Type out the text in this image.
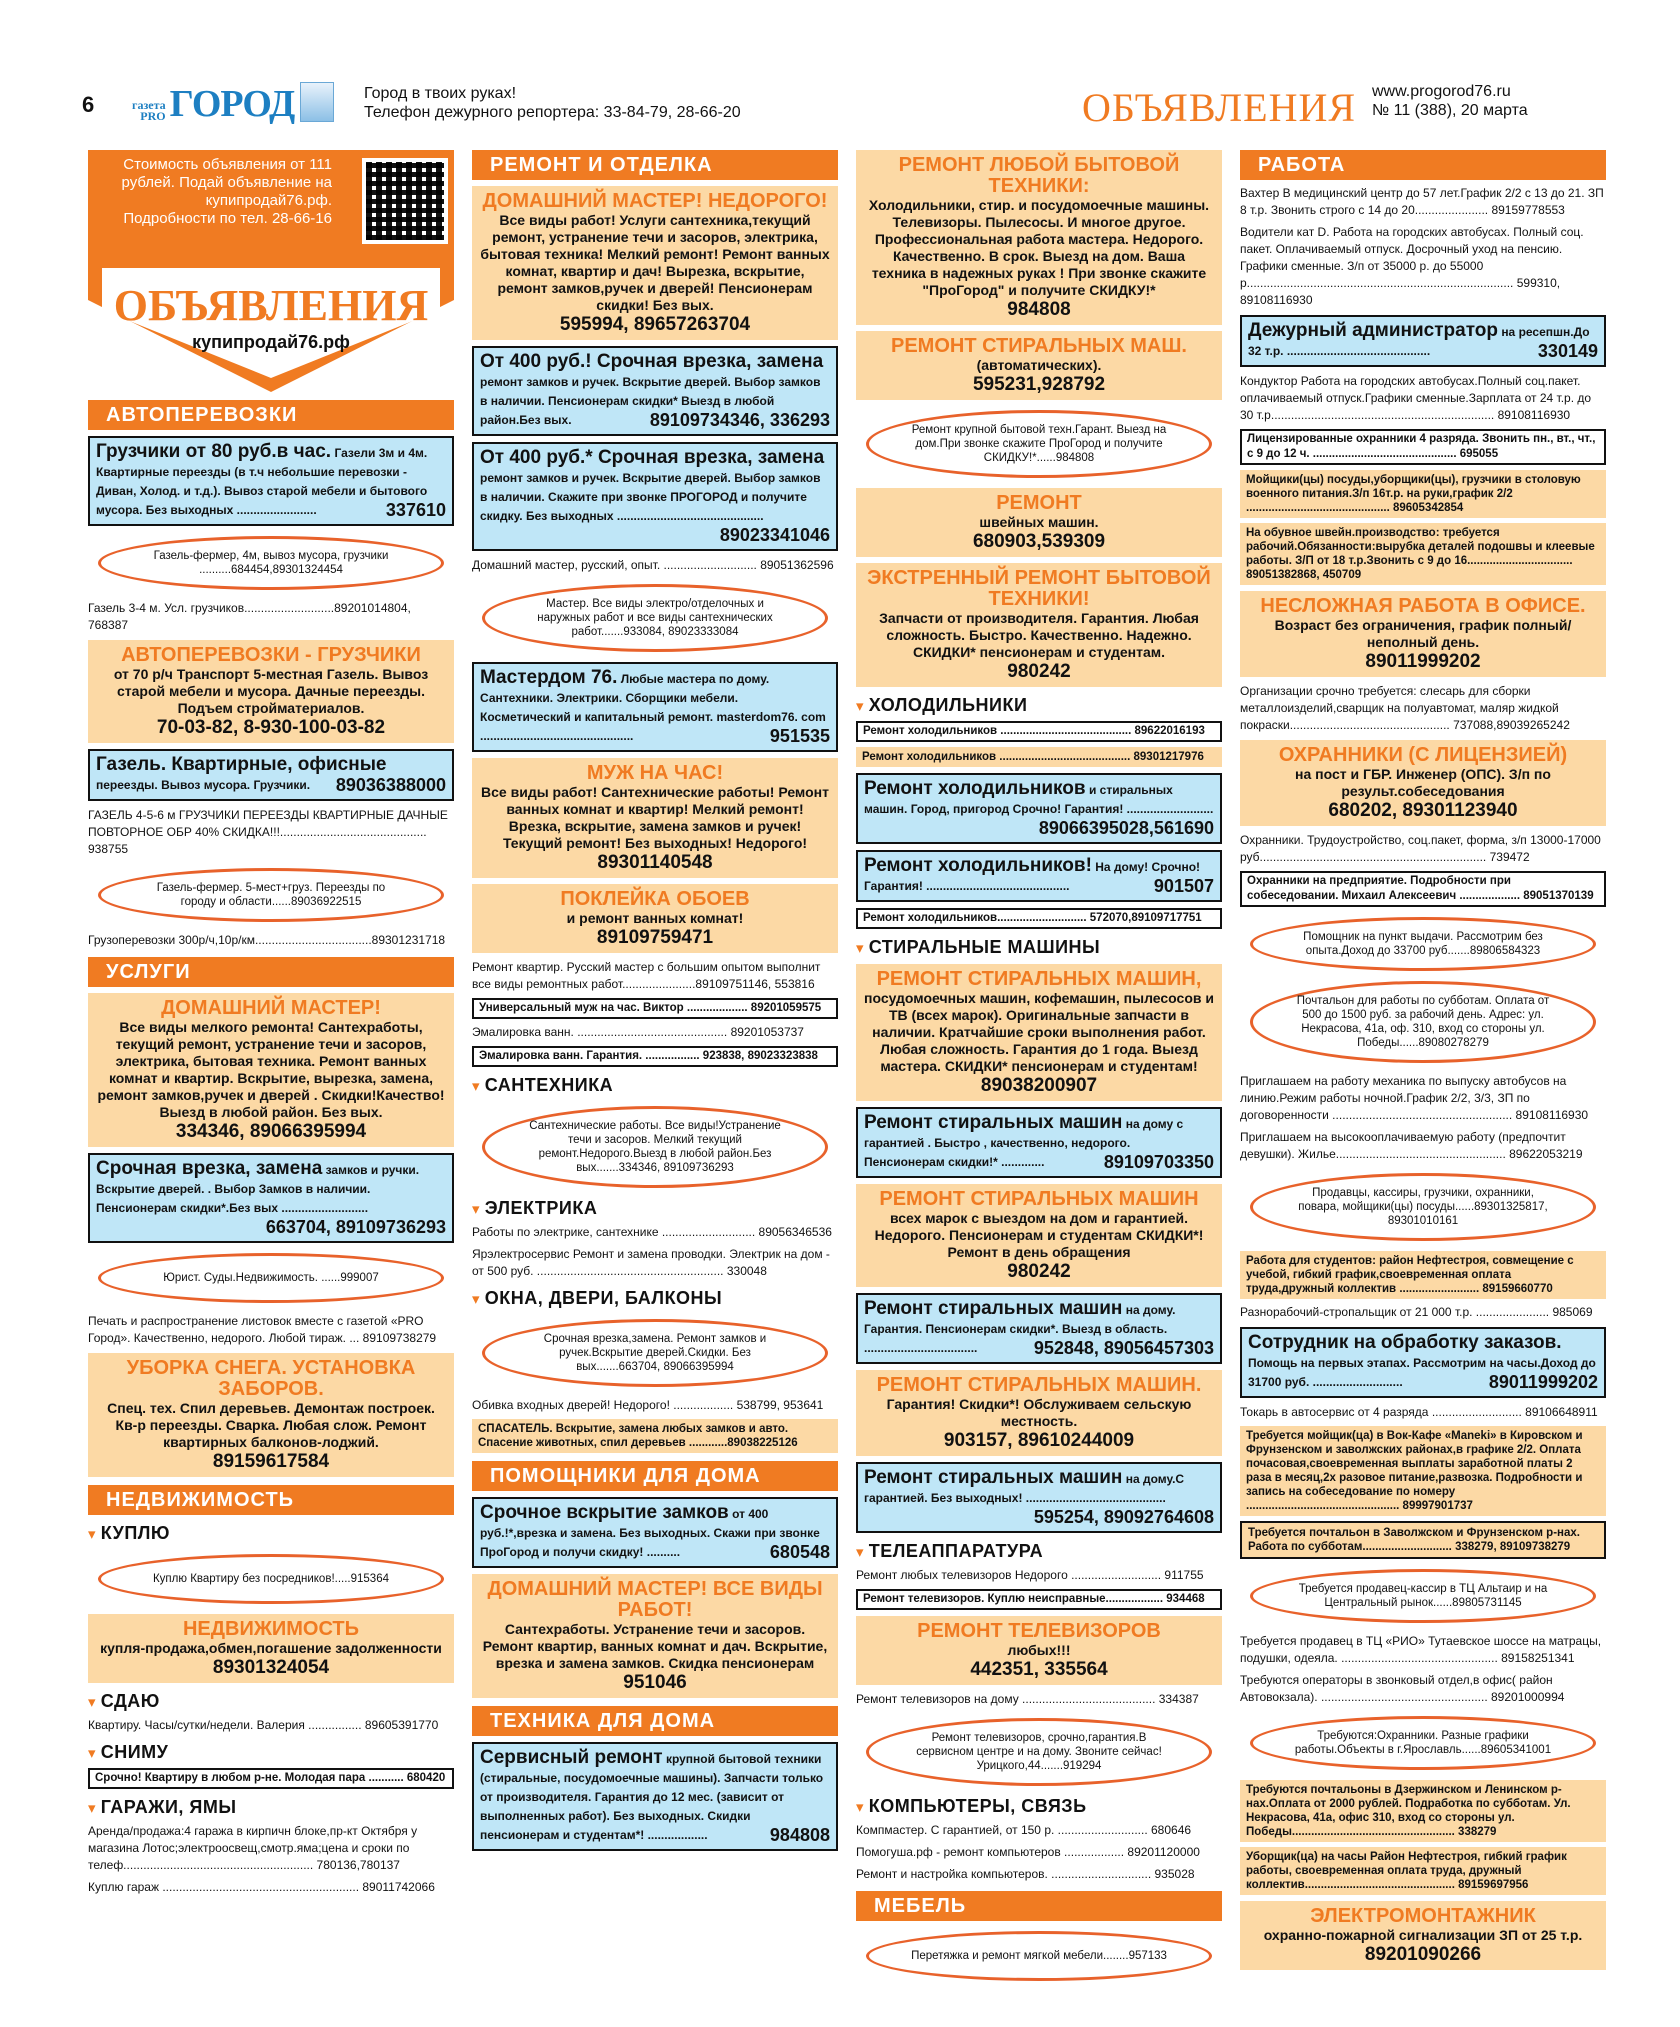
6	газета
PRO ГОРОД	Город в твоих руках!
Телефон дежурного репортера: 33-84-79, 28-66-20	ОБЪЯВЛЕНИЯ www.progorod76.ru
№ 11 (388), 20 марта
Стоимость объявления от 111 рублей. Подай объявление на купипродай76.рф. Подробности по тел. 28-66-16
ОБЪЯВЛЕНИЯ
купипродай76.рф
АВТОПЕРЕВОЗКИ
Грузчики от 80 руб.в час. Газели 3м и 4м. Квартирные переезды (в т.ч небольшие перевозки - Диван, Холод. и т.д.). Вывоз старой мебели и бытового мусора. Без выходных ........................	337610
Газель-фермер, 4м, вывоз мусора, грузчики ..........684454,89301324454
Газель 3-4 м. Усл. грузчиков...........................89201014804, 768387
АВТОПЕРЕВОЗКИ - ГРУЗЧИКИ
от 70 р/ч Транспорт 5-местная Газель. Вывоз старой мебели и мусора. Дачные переезды. Подъем стройматериалов.
70-03-82, 8-930-100-03-82
Газель. Квартирные, офисные переезды. Вывоз мусора. Грузчики. 89036388000
ГАЗЕЛЬ 4-5-6 м ГРУЗЧИКИ ПЕРЕЕЗДЫ КВАРТИРНЫЕ ДАЧНЫЕ ПОВТОРНОЕ ОБР 40% СКИДКА!!!............................................ 938755
Газель-фермер. 5-мест+груз. Переезды по городу и области......89036922515
Грузоперевозки 300р/ч,10р/км...................................89301231718
УСЛУГИ
ДОМАШНИЙ МАСТЕР!
Все виды мелкого ремонта! Сантехработы, текущий ремонт, устранение течи и засоров, электрика, бытовая техника. Ремонт ванных комнат и квартир. Вскрытие, вырезка, замена, ремонт замков,ручек и дверей . Скидки!Качество! Выезд в любой район. Без вых.
334346, 89066395994
Срочная врезка, замена замков и ручки. Вскрытие дверей. . Выбор Замков в наличии. Пенсионерам скидки*.Без вых ..........................
663704, 89109736293
Юрист. Суды.Недвижимость. ......999007
Печать и распространение листовок вместе с газетой «PRO Город». Качественно, недорого. Любой тираж. ... 89109738279
УБОРКА СНЕГА. УСТАНОВКА ЗАБОРОВ.
Спец. тех. Спил деревьев. Демонтаж построек. Кв-р переезды. Сварка. Любая слож. Ремонт квартирных балконов-лоджий.
89159617584
НЕДВИЖИМОСТЬ
▾ КУПЛЮ
Куплю Квартиру без посредников!.....915364
НЕДВИЖИМОСТЬ
купля-продажа,обмен,погашение задолженности
89301324054
▾ СДАЮ
Квартиру. Часы/сутки/недели. Валерия ................ 89605391770
▾ СНИМУ
Срочно! Квартиру в любом р-не. Молодая пара ........... 680420
▾ ГАРАЖИ, ЯМЫ
Аренда/продажа:4 гаража в кирпичн блоке,пр-кт Октября у магазина Лотос;электроосвещ,смотр.яма;цена и сроки по телеф......................................................... 780136,780137
Куплю гараж ........................................................... 89011742066
РЕМОНТ И ОТДЕЛКА
ДОМАШНИЙ МАСТЕР! НЕДОРОГО!
Все виды работ! Услуги сантехника,текущий ремонт, устранение течи и засоров, электрика, бытовая техника! Мелкий ремонт! Ремонт ванных комнат, квартир и дач! Вырезка, вскрытие, ремонт замков,ручек и дверей! Пенсионерам скидки! Без вых.
595994, 89657263704
От 400 руб.! Срочная врезка, замена ремонт замков и ручек. Вскрытие дверей. Выбор замков в наличии. Пенсионерам скидки* Выезд в любой район.Без вых.	89109734346, 336293
От 400 руб.* Срочная врезка, замена ремонт замков и ручек. Вскрытие дверей. Выбор замков в наличии. Скажите при звонке ПРОГОРОД и получите скидку. Без выходных ............................................
89023341046
Домашний мастер, русский, опыт. ............................ 89051362596
Мастер. Все виды электро/отделочных и наружных работ и все виды сантехнических работ.......933084, 89023333084
Мастердом 76. Любые мастера по дому. Сантехники. Электрики. Сборщики мебели. Косметический и капитальный ремонт. masterdom76. com ..............................................	951535
МУЖ НА ЧАС!
Все виды работ! Сантехнические работы! Ремонт ванных комнат и квартир! Мелкий ремонт! Врезка, вскрытие, замена замков и ручек! Текущий ремонт! Без выходных! Недорого!
89301140548
ПОКЛЕЙКА ОБОЕВ
и ремонт ванных комнат!
89109759471
Ремонт квартир. Русский мастер с большим опытом выполнит все виды ремонтных работ......................89109751146, 553816
Универсальный муж на час. Виктор ................... 89201059575
Эмалировка ванн. ............................................. 89201053737
Эмалировка ванн. Гарантия. ................. 923838, 89023323838
▾ САНТЕХНИКА
Сантехнические работы. Все виды!Устранение течи и засоров. Мелкий текущий ремонт.Недорого.Выезд в любой район.Без вых.......334346, 89109736293
▾ ЭЛЕКТРИКА
Работы по электрике, сантехнике ............................ 89056346536
Ярэлектросервис Ремонт и замена проводки. Электрик на дом - от 500 руб. ........................................................ 330048
▾ ОКНА, ДВЕРИ, БАЛКОНЫ
Срочная врезка,замена. Ремонт замков и ручек.Вскрытие дверей.Скидки. Без вых.......663704, 89066395994
Обивка входных дверей! Недорого! .................. 538799, 953641
СПАСАТЕЛЬ. Вскрытие, замена любых замков и авто. Спасение животных, спил деревьев ............89038225126
ПОМОЩНИКИ ДЛЯ ДОМА
Срочное вскрытие замков от 400 руб.!*,врезка и замена. Без выходных. Скажи при звонке ПроГород и получи скидку! ..........	680548
ДОМАШНИЙ МАСТЕР! ВСЕ ВИДЫ РАБОТ!
Сантехработы. Устранение течи и засоров. Ремонт квартир, ванных комнат и дач. Вскрытие, врезка и замена замков. Скидка пенсионерам
951046
ТЕХНИКА ДЛЯ ДОМА
Сервисный ремонт крупной бытовой техники (стиральные, посудомоечные машины). Запчасти только от производителя. Гарантия до 12 мес. (зависит от выполненных работ). Без выходных. Скидки пенсионерам и студентам*! ..................	984808
РЕМОНТ ЛЮБОЙ БЫТОВОЙ ТЕХНИКИ:
Холодильники, стир. и посудомоечные машины. Телевизоры. Пылесосы. И многое другое. Профессиональная работа мастера. Недорого. Качественно. В срок. Выезд на дом. Ваша техника в надежных руках ! При звонке скажите "ПроГород" и получите СКИДКУ!*
984808
РЕМОНТ СТИРАЛЬНЫХ МАШ.
(автоматических).
595231,928792
Ремонт крупной бытовой техн.Гарант. Выезд на дом.При звонке скажите ПроГород и получите СКИДКУ!*......984808
РЕМОНТ
швейных машин.
680903,539309
ЭКСТРЕННЫЙ РЕМОНТ БЫТОВОЙ ТЕХНИКИ!
Запчасти от производителя. Гарантия. Любая сложность. Быстро. Качественно. Надежно. СКИДКИ* пенсионерам и студентам.
980242
▾ ХОЛОДИЛЬНИКИ
Ремонт холодильников ......................................... 89622016193
Ремонт холодильников ......................................... 89301217976
Ремонт холодильников и стиральных машин. Город, пригород Срочно! Гарантия! ..........................
89066395028,561690
Ремонт холодильников! На дому! Срочно! Гарантия! ...........................................	901507
Ремонт холодильников............................ 572070,89109717751
▾ СТИРАЛЬНЫЕ МАШИНЫ
РЕМОНТ СТИРАЛЬНЫХ МАШИН,
посудомоечных машин, кофемашин, пылесосов и ТВ (всех марок). Оригинальные запчасти в наличии. Кратчайшие сроки выполнения работ. Любая сложность. Гарантия до 1 года. Выезд мастера. СКИДКИ* пенсионерам и студентам!
89038200907
Ремонт стиральных машин на дому с гарантией . Быстро , качественно, недорого. Пенсионерам скидки!* .............	89109703350
РЕМОНТ СТИРАЛЬНЫХ МАШИН
всех марок с выездом на дом и гарантией. Недорого. Пенсионерам и студентам СКИДКИ*! Ремонт в день обращения
980242
Ремонт стиральных машин на дому. Гарантия. Пенсионерам скидки*. Выезд в область. ..................................	952848, 89056457303
РЕМОНТ СТИРАЛЬНЫХ МАШИН.
Гарантия! Скидки*! Обслуживаем сельскую местность.
903157, 89610244009
Ремонт стиральных машин на дому.С гарантией. Без выходных! ..........................................
595254, 89092764608
▾ ТЕЛЕАППАРАТУРА
Ремонт любых телевизоров Недорого ........................... 911755
Ремонт телевизоров. Куплю неисправные.................. 934468
РЕМОНТ ТЕЛЕВИЗОРОВ
любых!!!
442351, 335564
Ремонт телевизоров на дому ........................................ 334387
Ремонт телевизоров, срочно,гарантия.В сервисном центре и на дому. Звоните сейчас! Урицкого,44.......919294
▾ КОМПЬЮТЕРЫ, СВЯЗЬ
Компмастер. С гарантией, от 150 р. ........................... 680646
Помогуша.рф - ремонт компьютеров .................. 89201120000
Ремонт и настройка компьютеров. .............................. 935028
МЕБЕЛЬ
Перетяжка и ремонт мягкой мебели........957133
РАБОТА
Вахтер В медицинский центр до 57 лет.График 2/2 с 13 до 21. ЗП 8 т.р. Звонить строго с 14 до 20...................... 89159778553
Водители кат D. Работа на городских автобусах. Полный соц. пакет. Оплачиваемый отпуск. Досрочный уход на пенсию. Графики сменные. З/п от 35000 р. до 55000 р................................................................................ 599310, 89108116930
Дежурный администратор на ресепшн.До 32 т.р. ...........................................	330149
Кондуктор Работа на городских автобусах.Полный соц.пакет. оплачиваемый отпуск.Графики сменные.Зарплата от 24 т.р. до 30 т.р................................................................... 89108116930
Лицензированные охранники 4 разряда. Звонить пн., вт., чт., с 9 до 12 ч. ............................................. 695055
Мойщики(цы) посуды,уборщики(цы), грузчики в столовую военного питания.З/п 16т.р. на руки,график 2/2 ............................................. 89605342854
На обувное швейн.производство: требуется рабочий.Обязанности:вырубка деталей подошвы и клеевые работы. З/П от 18 т.р.Звонить с 9 до 16................................. 89051382868, 450709
НЕСЛОЖНАЯ РАБОТА В ОФИСЕ.
Возраст без ограничения, график полный/неполный день.
89011999202
Организации срочно требуется: слесарь для сборки металлоизделий,сварщик на полуавтомат, маляр жидкой покраски................................................ 737088,89039265242
ОХРАННИКИ (С ЛИЦЕНЗИЕЙ)
на пост и ГБР. Инженер (ОПС). З/п по результ.собеседования
680202, 89301123940
Охранники. Трудоустройство, соц.пакет, форма, з/п 13000-17000 руб.................................................................... 739472
Охранники на предприятие. Подробности при собеседовании. Михаил Алексеевич ................... 89051370139
Помощник на пункт выдачи. Рассмотрим без опыта.Доход до 33700 руб.......89806584323
Почтальон для работы по субботам. Оплата от 500 до 1500 руб. за рабочий день. Адрес: ул. Некрасова, 41а, оф. 310, вход со стороны ул. Победы......89080278279
Приглашаем на работу механика по выпуску автобусов на линию.Режим работы ночной.График 2/2, 3/3, ЗП по договоренности ...................................................... 89108116930
Приглашаем на высокооплачиваемую работу (предпочтит девушки). Жилье................................................... 89622053219
Продавцы, кассиры, грузчики, охранники, повара, мойщики(цы) посуды......89301325817, 89301010161
Работа для студентов: район Нефтестроя, совмещение с учебой, гибкий график,своевременная оплата труда,дружный коллектив ......................... 89159660770
Разнорабочий-стропальщик от 21 000 т.р. ...................... 985069
Сотрудник на обработку заказов. Помощь на первых этапах. Рассмотрим на часы.Доход до 31700 руб. ...........................	89011999202
Токарь в автосервис от 4 разряда ........................... 89106648911
Требуется мойщик(ца) в Вок-Кафе «Maneki» в Кировском и Фрунзенском и заволжских районах,в графике 2/2. Оплата почасовая,своевременная выплаты заработной платы 2 раза в месяц,2х разовое питание,развозка. Подробности и запись на собеседование по номеру ................................................ 89997901737
Требуется почтальон в Заволжском и Фрунзенском р-нах. Работа по субботам............................ 338279, 89109738279
Требуется продавец-кассир в ТЦ Альтаир и на Центральный рынок......89805731145
Требуется продавец в ТЦ «РИО» Тутаевское шоссе на матрацы, подушки, одеяла. ............................................... 89158251341
Требуются операторы в звонковый отдел,в офис( район Автовокзала). .................................................. 89201000994
Требуются:Охранники. Разные графики работы.Объекты в г.Ярославль......89605341001
Требуются почтальоны в Дзержинском и Ленинском р-нах.Оплата от 2000 рублей. Подработка по субботам. Ул. Некрасова, 41а, офис 310, вход со стороны ул. Победы................................................... 338279
Уборщик(ца) на часы Район Нефтестроя, гибкий график работы, своевременная оплата труда, дружный коллектив............................................... 89159697956
ЭЛЕКТРОМОНТАЖНИК
охранно-пожарной сигнализации ЗП от 25 т.р.
89201090266
